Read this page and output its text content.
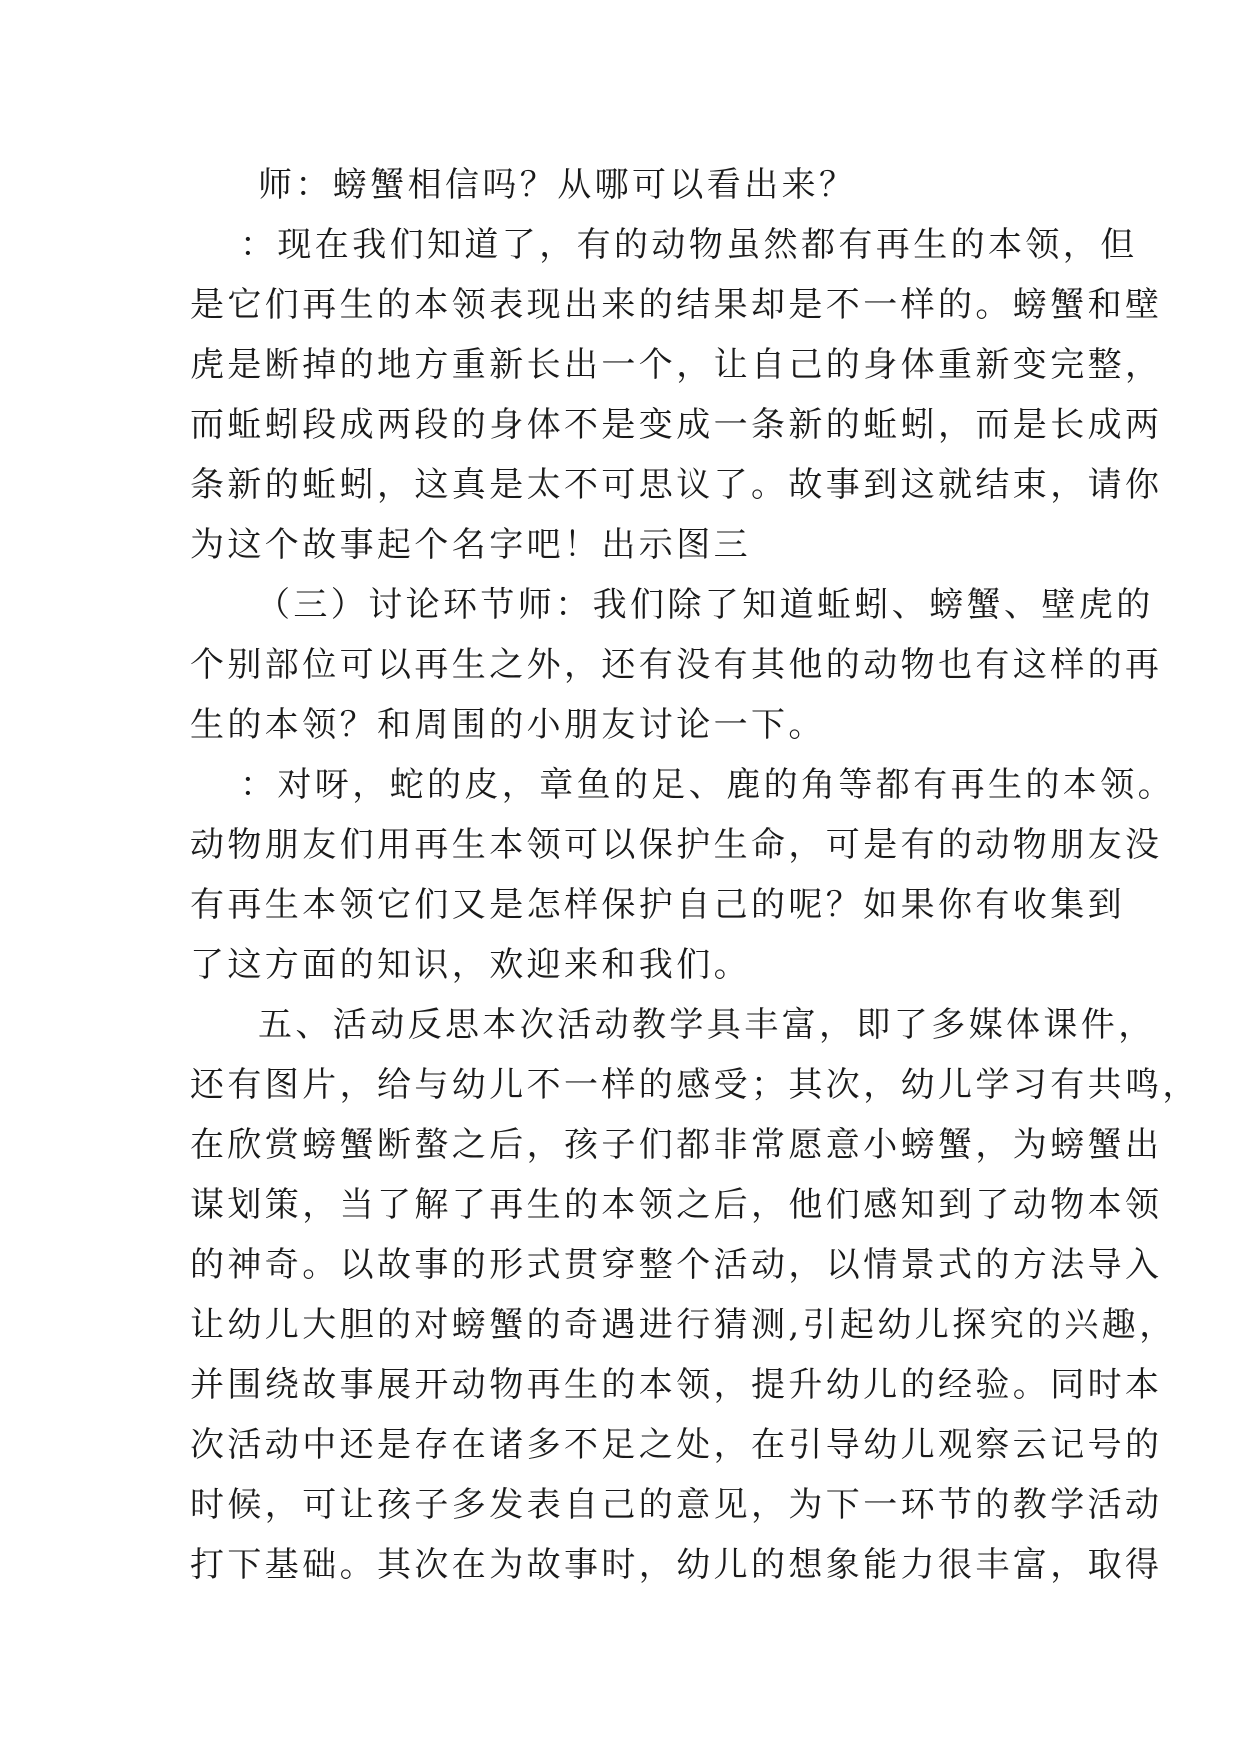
师：螃蟹相信吗？从哪可以看出来？
：现在我们知道了，有的动物虽然都有再生的本领，但
是它们再生的本领表现出来的结果却是不一样的。螃蟹和壁
虎是断掉的地方重新长出一个，让自己的身体重新变完整，
而蚯蚓段成两段的身体不是变成一条新的蚯蚓，而是长成两
条新的蚯蚓，这真是太不可思议了。故事到这就结束，请你
为这个故事起个名字吧！出示图三
（三）讨论环节师：我们除了知道蚯蚓、螃蟹、壁虎的
个别部位可以再生之外，还有没有其他的动物也有这样的再
生的本领？和周围的小朋友讨论一下。
：对呀，蛇的皮，章鱼的足、鹿的角等都有再生的本领。
动物朋友们用再生本领可以保护生命，可是有的动物朋友没
有再生本领它们又是怎样保护自己的呢？如果你有收集到
了这方面的知识，欢迎来和我们。
五、活动反思本次活动教学具丰富，即了多媒体课件，
还有图片，给与幼儿不一样的感受；其次，幼儿学习有共鸣，
在欣赏螃蟹断螯之后，孩子们都非常愿意小螃蟹，为螃蟹出
谋划策，当了解了再生的本领之后，他们感知到了动物本领
的神奇。以故事的形式贯穿整个活动，以情景式的方法导入
让幼儿大胆的对螃蟹的奇遇进行猜测,引起幼儿探究的兴趣，
并围绕故事展开动物再生的本领，提升幼儿的经验。同时本
次活动中还是存在诸多不足之处，在引导幼儿观察云记号的
时候，可让孩子多发表自己的意见，为下一环节的教学活动
打下基础。其次在为故事时，幼儿的想象能力很丰富，取得
